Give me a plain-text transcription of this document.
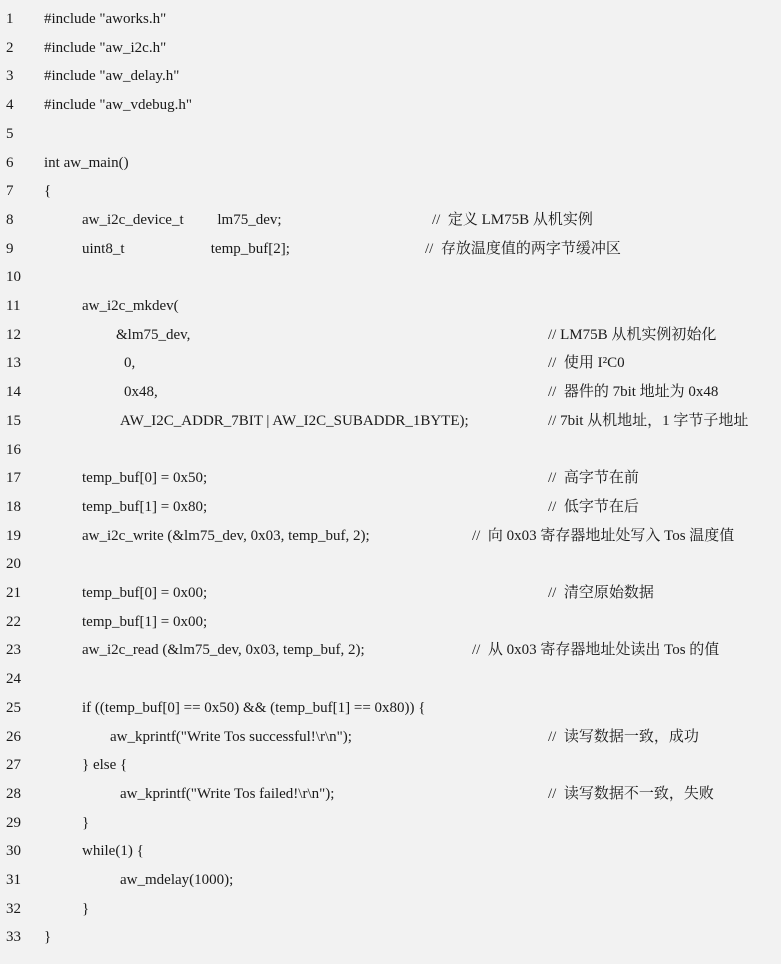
1 #include "aworks.h"
2 #include "aw_i2c.h"
3 #include "aw_delay.h"
4 #include "aw_vdebug.h"
5
6 int aw_main()
7 {
8	aw_i2c_device_t         lm75_dev;	//  定义 LM75B 从机实例
9	uint8_t                       temp_buf[2];	//  存放温度值的两字节缓冲区
10
11	aw_i2c_mkdev(
12	&lm75_dev,	// LM75B 从机实例初始化
13	0,	//  使用 I²C0
14	0x48,	//  器件的 7bit 地址为 0x48
15	AW_I2C_ADDR_7BIT | AW_I2C_SUBADDR_1BYTE);	// 7bit 从机地址，1 字节子地址
16
17	temp_buf[0] = 0x50;	//  高字节在前
18	temp_buf[1] = 0x80;	//  低字节在后
19	aw_i2c_write (&lm75_dev, 0x03, temp_buf, 2);	//  向 0x03 寄存器地址处写入 Tos 温度值
20
21	temp_buf[0] = 0x00;	//  清空原始数据
22	temp_buf[1] = 0x00;
23	aw_i2c_read (&lm75_dev, 0x03, temp_buf, 2);	//  从 0x03 寄存器地址处读出 Tos 的值
24
25	if ((temp_buf[0] == 0x50) && (temp_buf[1] == 0x80)) {
26	aw_kprintf("Write Tos successful!\r\n");	//  读写数据一致，成功
27	} else {
28	aw_kprintf("Write Tos failed!\r\n");	//  读写数据不一致，失败
29	}
30	while(1) {
31	aw_mdelay(1000);
32	}
33 }
